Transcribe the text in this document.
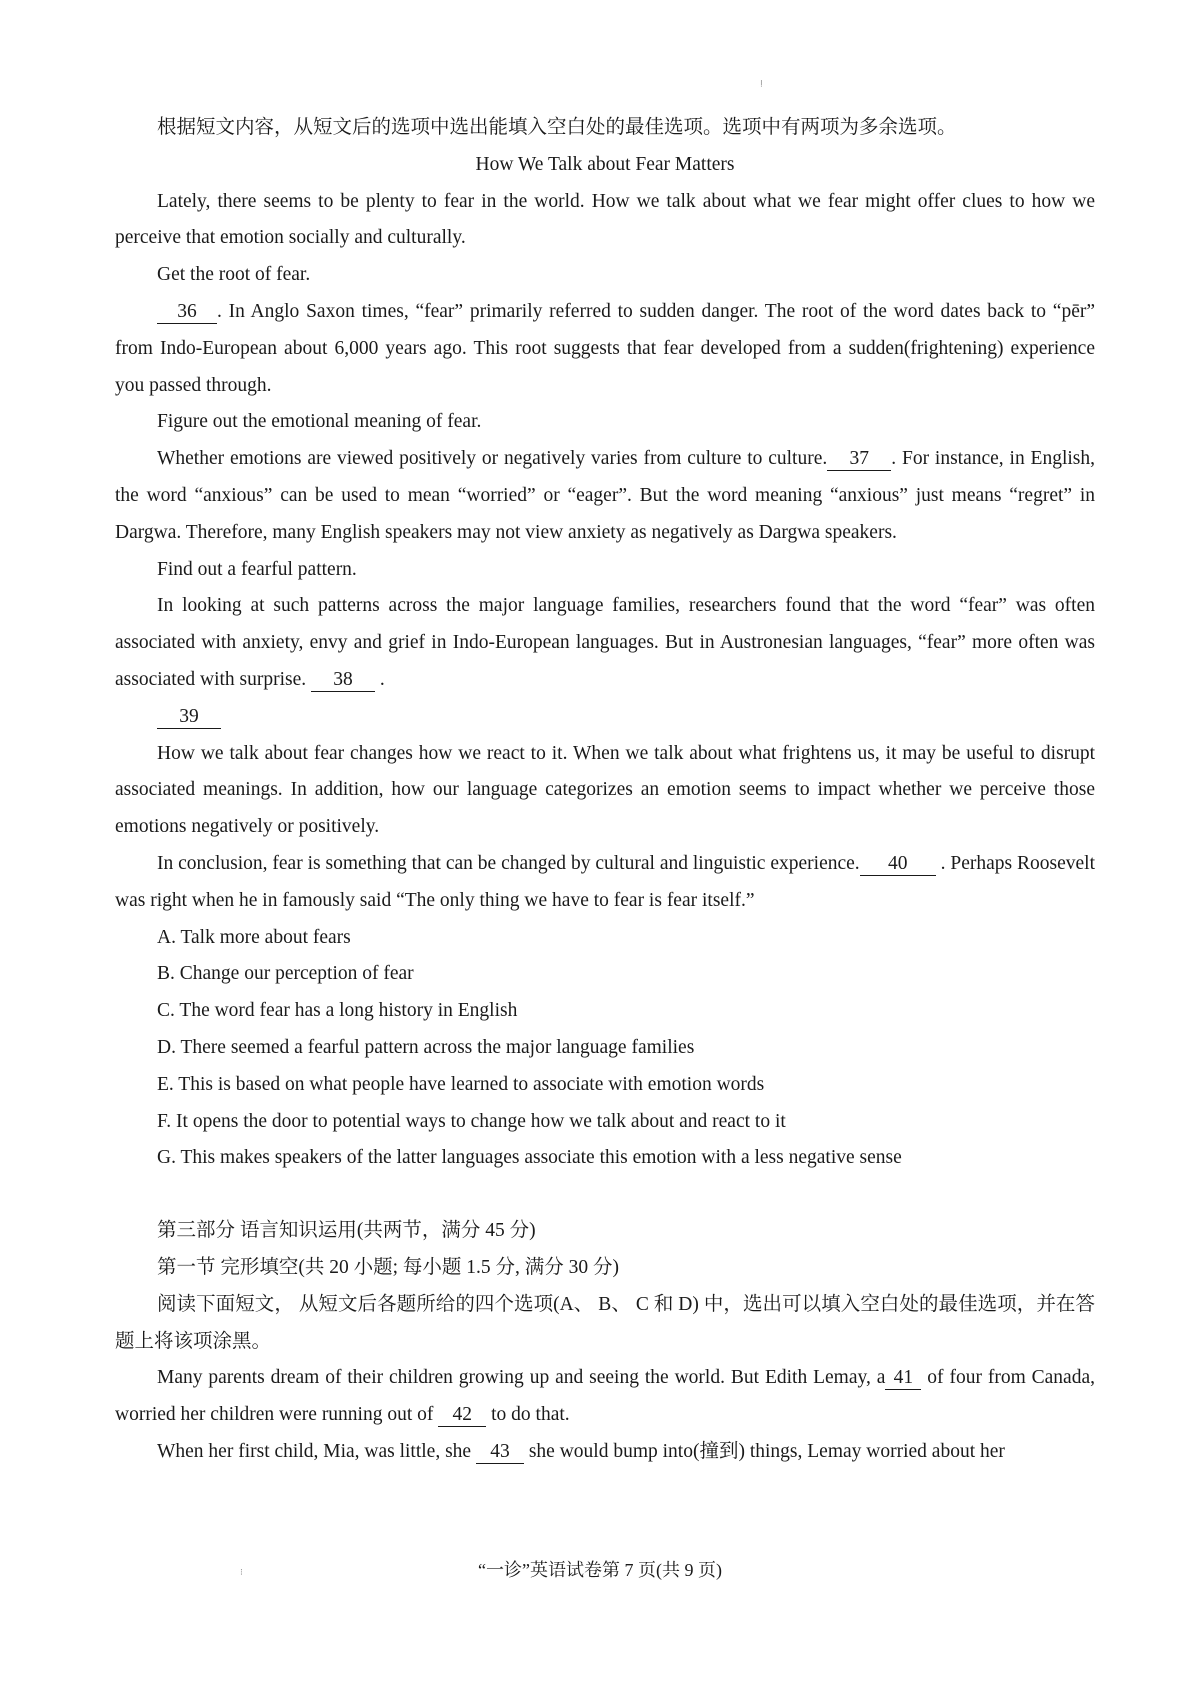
ǃ

根据短文内容，从短文后的选项中选出能填入空白处的最佳选项。选项中有两项为多余选项。

How We Talk about Fear Matters

Lately, there seems to be plenty to fear in the world. How we talk about what we fear might offer clues to how we perceive that emotion socially and culturally.

Get the root of fear.

36 . In Anglo Saxon times, “fear” primarily referred to sudden danger. The root of the word dates back to “pēr” from Indo-European about 6,000 years ago. This root suggests that fear developed from a sudden(frightening) experience you passed through.

Figure out the emotional meaning of fear.

Whether emotions are viewed positively or negatively varies from culture to culture. 37 . For instance, in English, the word “anxious” can be used to mean “worried” or “eager”. But the word meaning “anxious” just means “regret” in Dargwa. Therefore, many English speakers may not view anxiety as negatively as Dargwa speakers.

Find out a fearful pattern.

In looking at such patterns across the major language families, researchers found that the word “fear” was often associated with anxiety, envy and grief in Indo-European languages. But in Austronesian languages, “fear” more often was associated with surprise. 38 .

39

How we talk about fear changes how we react to it. When we talk about what frightens us, it may be useful to disrupt associated meanings. In addition, how our language categorizes an emotion seems to impact whether we perceive those emotions negatively or positively.

In conclusion, fear is something that can be changed by cultural and linguistic experience. 40 . Perhaps Roosevelt was right when he in famously said “The only thing we have to fear is fear itself.”

A. Talk more about fears

B. Change our perception of fear

C. The word fear has a long history in English

D. There seemed a fearful pattern across the major language families

E. This is based on what people have learned to associate with emotion words

F. It opens the door to potential ways to change how we talk about and react to it

G. This makes speakers of the latter languages associate this emotion with a less negative sense

第三部分 语言知识运用(共两节，满分 45 分)

第一节 完形填空(共 20 小题; 每小题 1.5 分, 满分 30 分)

阅读下面短文， 从短文后各题所给的四个选项(A、 B、 C 和 D) 中，选出可以填入空白处的最佳选项，并在答题上将该项涂黑。

Many parents dream of their children growing up and seeing the world. But Edith Lemay, a 41 of four from Canada, worried her children were running out of 42 to do that.

When her first child, Mia, was little, she 43 she would bump into(撞到) things, Lemay worried about her

⁝	“一诊”英语试卷第 7 页(共 9 页)
